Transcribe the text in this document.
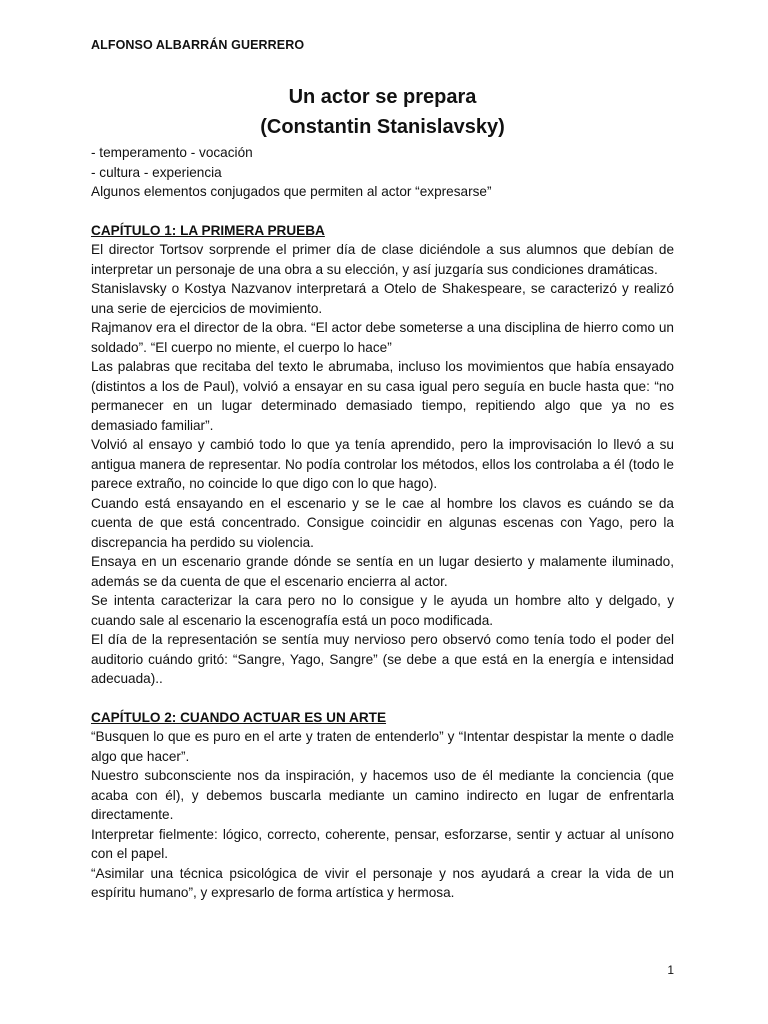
ALFONSO ALBARRÁN GUERRERO
Un actor se prepara
(Constantin Stanislavsky)
- temperamento - vocación
- cultura - experiencia
Algunos elementos conjugados que permiten al actor “expresarse”
CAPÍTULO 1: LA PRIMERA PRUEBA

El director Tortsov sorprende el primer día de clase diciéndole a sus alumnos que debían de interpretar un personaje de una obra a su elección, y así juzgaría sus condiciones dramáticas.

Stanislavsky o Kostya Nazvanov interpretará a Otelo de Shakespeare, se caracterizó y realizó una serie de ejercicios de movimiento.

Rajmanov era el director de la obra. “El actor debe someterse a una disciplina de hierro como un soldado”. “El cuerpo no miente, el cuerpo lo hace”

Las palabras que recitaba del texto le abrumaba, incluso los movimientos que había ensayado (distintos a los de Paul), volvió a ensayar en su casa igual pero seguía en bucle hasta que: “no permanecer en un lugar determinado demasiado tiempo, repitiendo algo que ya no es demasiado familiar”.

Volvió al ensayo y cambió todo lo que ya tenía aprendido, pero la improvisación lo llevó a su antigua manera de representar. No podía controlar los métodos, ellos los controlaba a él (todo le parece extraño, no coincide lo que digo con lo que hago).

Cuando está ensayando en el escenario y se le cae al hombre los clavos es cuándo se da cuenta de que está concentrado. Consigue coincidir en algunas escenas con Yago, pero la discrepancia ha perdido su violencia.

Ensaya en un escenario grande dónde se sentía en un lugar desierto y malamente iluminado, además se da cuenta de que el escenario encierra al actor.

Se intenta caracterizar la cara pero no lo consigue y le ayuda un hombre alto y delgado, y cuando sale al escenario la escenografía está un poco modificada.

El día de la representación se sentía muy nervioso pero observó como tenía todo el poder del auditorio cuándo gritó: “Sangre, Yago, Sangre” (se debe a que está en la energía e intensidad adecuada)..

CAPÍTULO 2: CUANDO ACTUAR ES UN ARTE

“Busquen lo que es puro en el arte y traten de entenderlo” y “Intentar despistar la mente o dadle algo que hacer”.

Nuestro subconsciente nos da inspiración, y hacemos uso de él mediante la conciencia (que acaba con él), y debemos buscarla mediante un camino indirecto en lugar de enfrentarla directamente.

Interpretar fielmente: lógico, correcto, coherente, pensar, esforzarse, sentir y actuar al unísono con el papel.

“Asimilar una técnica psicológica de vivir el personaje y nos ayudará a crear la vida de un espíritu humano”, y expresarlo de forma artística y hermosa.

1
